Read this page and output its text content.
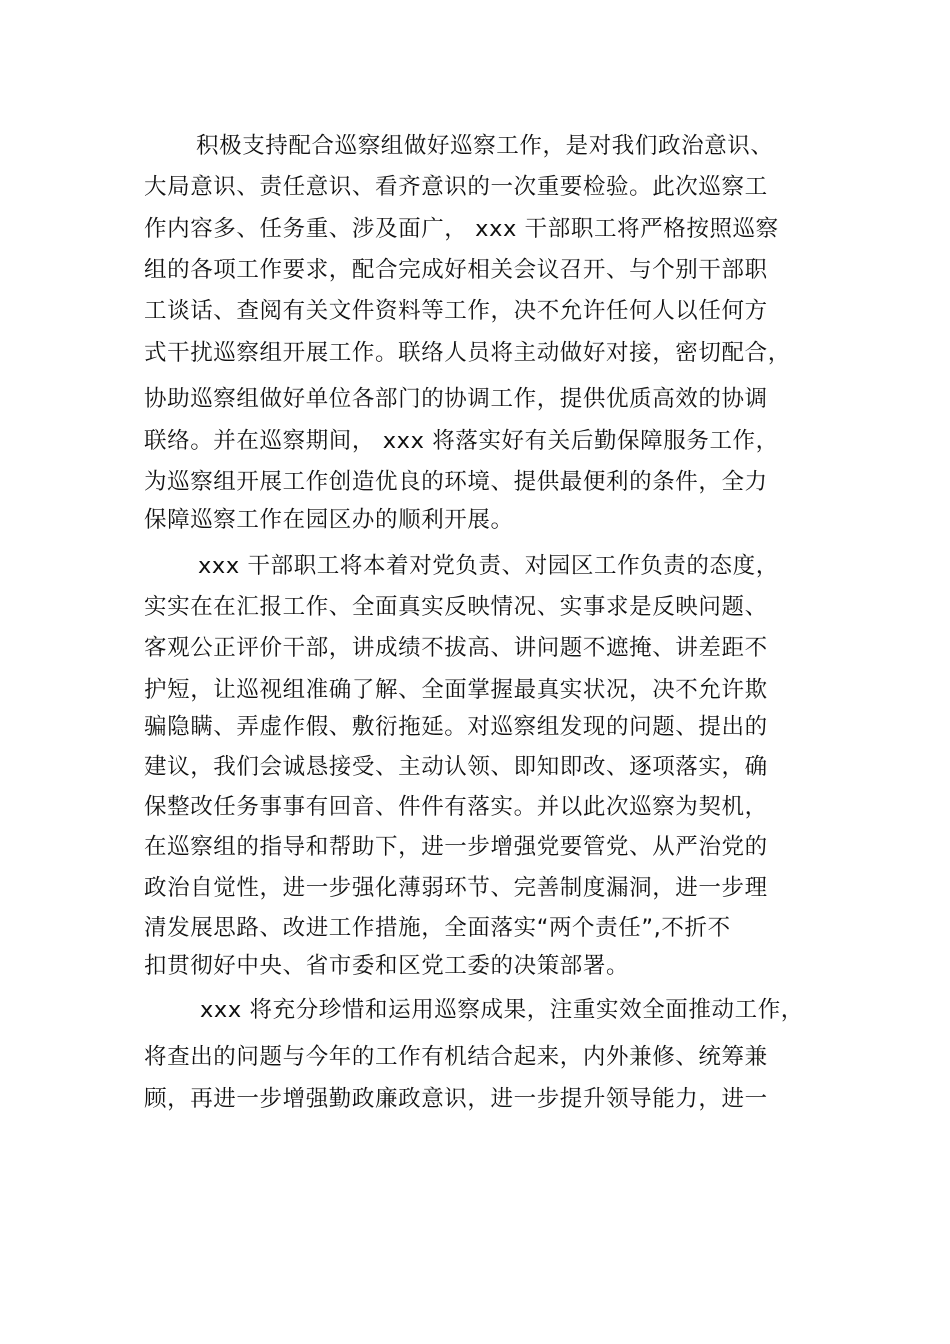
积极支持配合巡察组做好巡察工作，是对我们政治意识、

大局意识、责任意识、看齐意识的一次重要检验。此次巡察工

作内容多、任务重、涉及面广， xxx 干部职工将严格按照巡察

组的各项工作要求，配合完成好相关会议召开、与个别干部职

工谈话、查阅有关文件资料等工作，决不允许任何人以任何方

式干扰巡察组开展工作。联络人员将主动做好对接，密切配合，

协助巡察组做好单位各部门的协调工作，提供优质高效的协调

联络。并在巡察期间， xxx 将落实好有关后勤保障服务工作，

为巡察组开展工作创造优良的环境、提供最便利的条件，全力

保障巡察工作在园区办的顺利开展。

xxx 干部职工将本着对党负责、对园区工作负责的态度，

实实在在汇报工作、全面真实反映情况、实事求是反映问题、

客观公正评价干部，讲成绩不拔高、讲问题不遮掩、讲差距不

护短，让巡视组准确了解、全面掌握最真实状况，决不允许欺

骗隐瞒、弄虚作假、敷衍拖延。对巡察组发现的问题、提出的

建议，我们会诚恳接受、主动认领、即知即改、逐项落实，确

保整改任务事事有回音、件件有落实。并以此次巡察为契机，

在巡察组的指导和帮助下，进一步增强党要管党、从严治党的

政治自觉性，进一步强化薄弱环节、完善制度漏洞，进一步理

清发展思路、改进工作措施，全面落实“两个责任”,不折不

扣贯彻好中央、省市委和区党工委的决策部署。

xxx 将充分珍惜和运用巡察成果，注重实效全面推动工作，

将查出的问题与今年的工作有机结合起来，内外兼修、统筹兼

顾，再进一步增强勤政廉政意识，进一步提升领导能力，进一
